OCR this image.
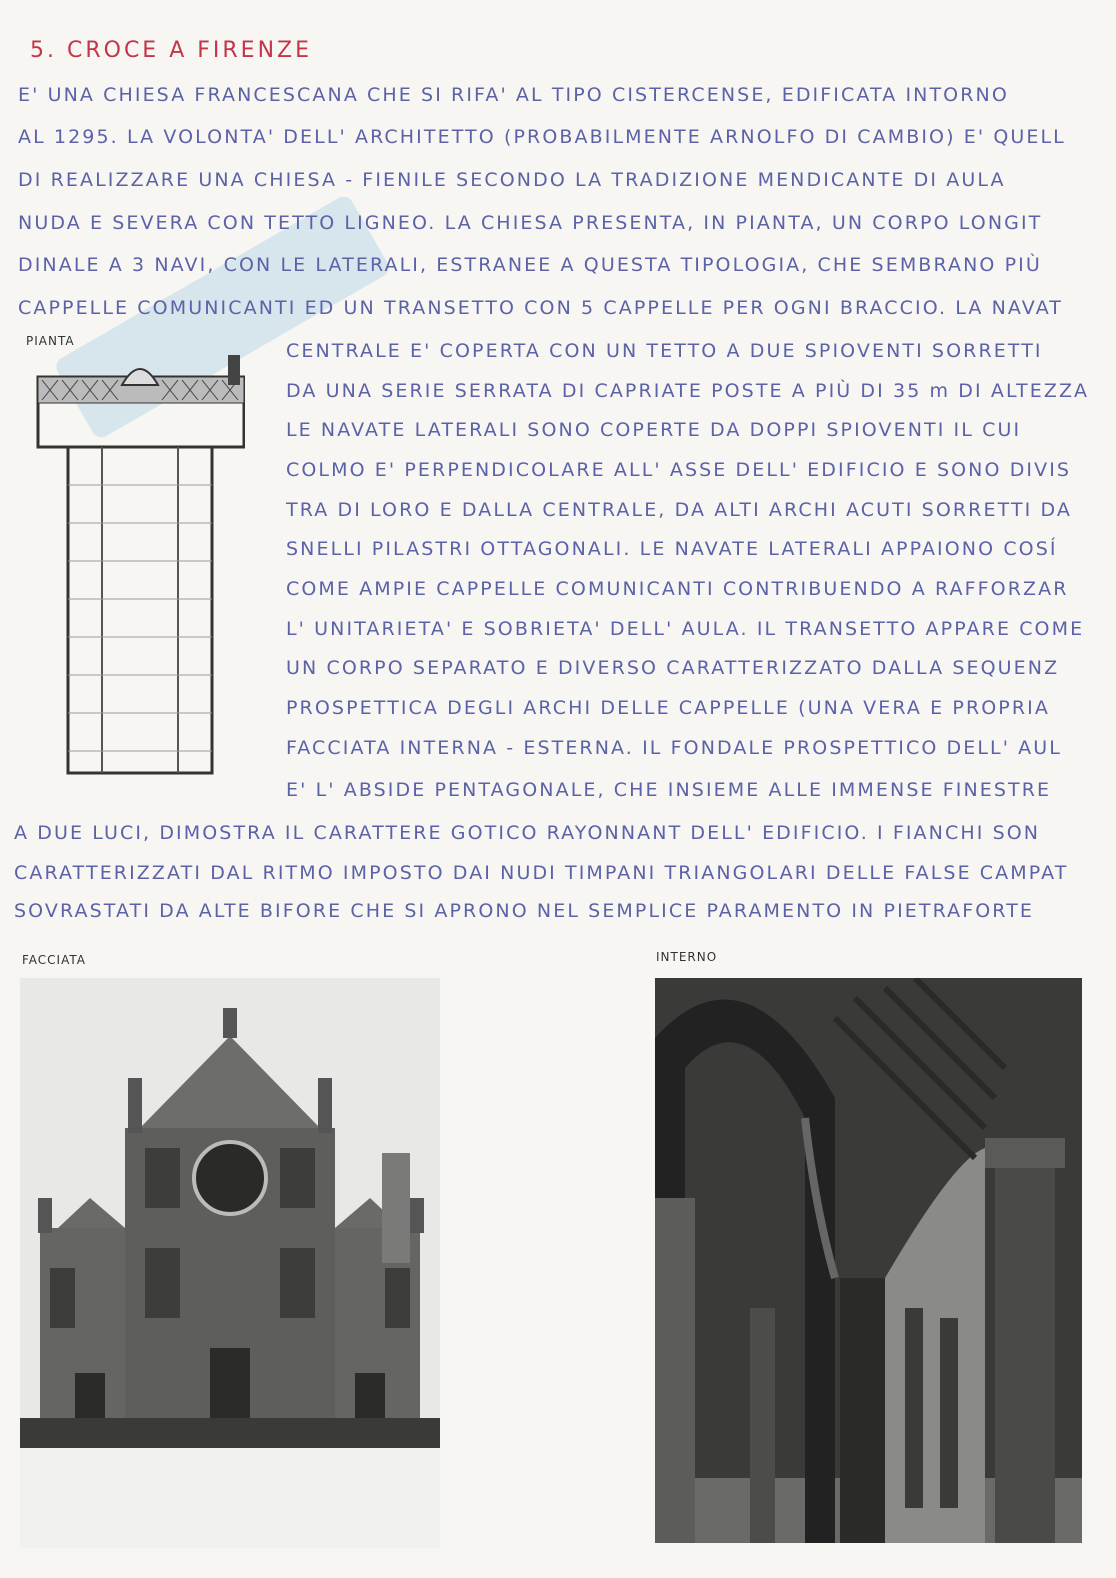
5. CROCE A FIRENZE
E' UNA CHIESA FRANCESCANA CHE SI RIFA' AL TIPO CISTERCENSE, EDIFICATA INTORNO
AL 1295. LA VOLONTA' DELL' ARCHITETTO (PROBABILMENTE ARNOLFO DI CAMBIO) E' QUELL
DI REALIZZARE UNA CHIESA - FIENILE SECONDO LA TRADIZIONE MENDICANTE DI AULA
NUDA E SEVERA CON TETTO LIGNEO. LA CHIESA PRESENTA, IN PIANTA, UN CORPO LONGIT
DINALE A 3 NAVI, CON LE LATERALI, ESTRANEE A QUESTA TIPOLOGIA, CHE SEMBRANO PIÙ
CAPPELLE COMUNICANTI ED UN TRANSETTO CON 5 CAPPELLE PER OGNI BRACCIO. LA NAVAT
PIANTA	CENTRALE E' COPERTA CON UN TETTO A DUE SPIOVENTI SORRETTI
DA UNA SERIE SERRATA DI CAPRIATE POSTE A PIÙ DI 35 m DI ALTEZZA
LE NAVATE LATERALI SONO COPERTE DA DOPPI SPIOVENTI IL CUI
COLMO E' PERPENDICOLARE ALL' ASSE DELL' EDIFICIO E SONO DIVIS
TRA DI LORO E DALLA CENTRALE, DA ALTI ARCHI ACUTI SORRETTI DA
SNELLI PILASTRI OTTAGONALI. LE NAVATE LATERALI APPAIONO COSÍ
COME AMPIE CAPPELLE COMUNICANTI CONTRIBUENDO A RAFFORZAR
L' UNITARIETA' E SOBRIETA' DELL' AULA. IL TRANSETTO APPARE COME
UN CORPO SEPARATO E DIVERSO CARATTERIZZATO DALLA SEQUENZ
PROSPETTICA DEGLI ARCHI DELLE CAPPELLE (UNA VERA E PROPRIA
FACCIATA INTERNA - ESTERNA. IL FONDALE PROSPETTICO DELL' AUL
E' L' ABSIDE PENTAGONALE, CHE INSIEME ALLE IMMENSE FINESTRE
A DUE LUCI, DIMOSTRA IL CARATTERE GOTICO RAYONNANT DELL' EDIFICIO. I FIANCHI SON
CARATTERIZZATI DAL RITMO IMPOSTO DAI NUDI TIMPANI TRIANGOLARI DELLE FALSE CAMPAT
SOVRASTATI DA ALTE BIFORE CHE SI APRONO NEL SEMPLICE PARAMENTO IN PIETRAFORTE
FACCIATA	INTERNO
